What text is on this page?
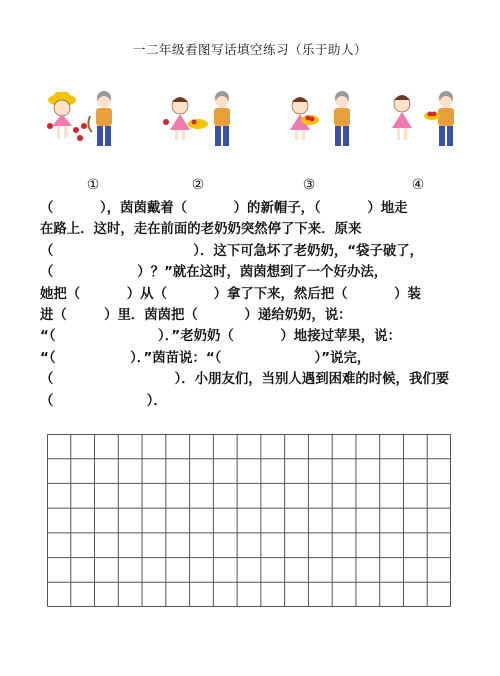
一二年级看图写话填空练习（乐于助人）
①	②	③	④
（          ），茵茵戴着（          ）的新帽子，（          ）地走
在路上．这时，走在前面的老奶奶突然停了下来．原来
（                              ）．这下可急坏了老奶奶，“袋子破了，
（                  ）？”就在这时，茵茵想到了一个好办法，
她把（          ）从（          ）拿了下来，然后把（          ）装
进（        ）里．茵茵把（          ）递给奶奶，说：
“（                      ）．”老奶奶（          ）地接过苹果，说：
“（                ）．”茵苗说：“（                    ）”说完，
（                          ）．小朋友们，当别人遇到困难的时候，我们要
（                    ）．
